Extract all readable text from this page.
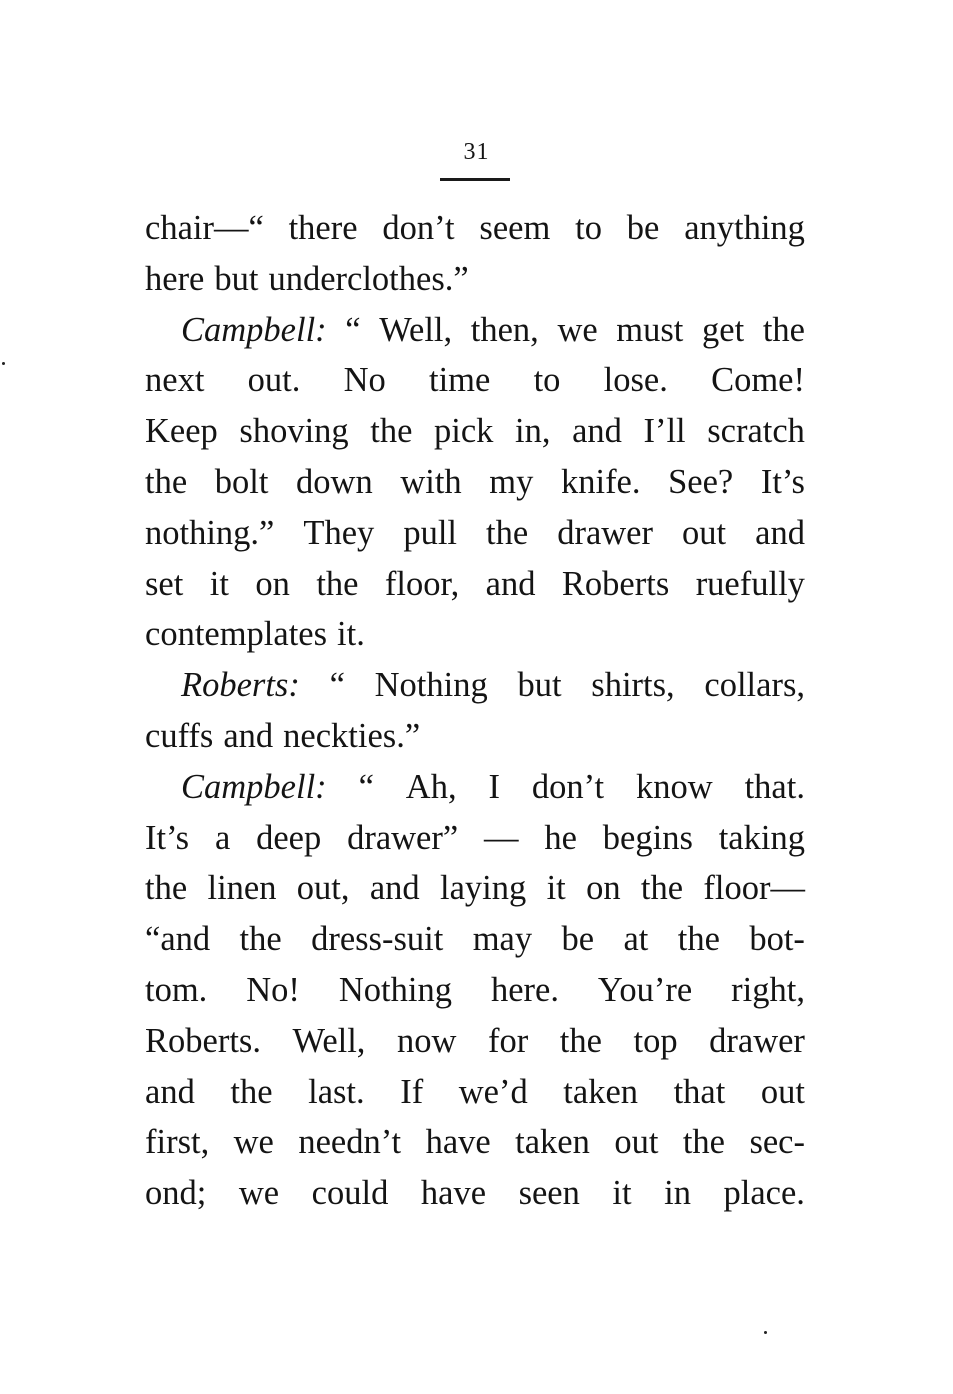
31
chair—“ there don’t seem to be anything
here but underclothes.”
Campbell: “ Well, then, we must get the
next out. No time to lose. Come!
Keep shoving the pick in, and I’ll scratch
the bolt down with my knife. See? It’s
nothing.” They pull the drawer out and
set it on the floor, and Roberts ruefully
contemplates it.
Roberts: “ Nothing but shirts, collars,
cuffs and neckties.”
Campbell: “ Ah, I don’t know that.
It’s a deep drawer” — he begins taking
the linen out, and laying it on the floor—
“and the dress-suit may be at the bot-
tom. No! Nothing here. You’re right,
Roberts. Well, now for the top drawer
and the last. If we’d taken that out
first, we needn’t have taken out the sec-
ond; we could have seen it in place.
